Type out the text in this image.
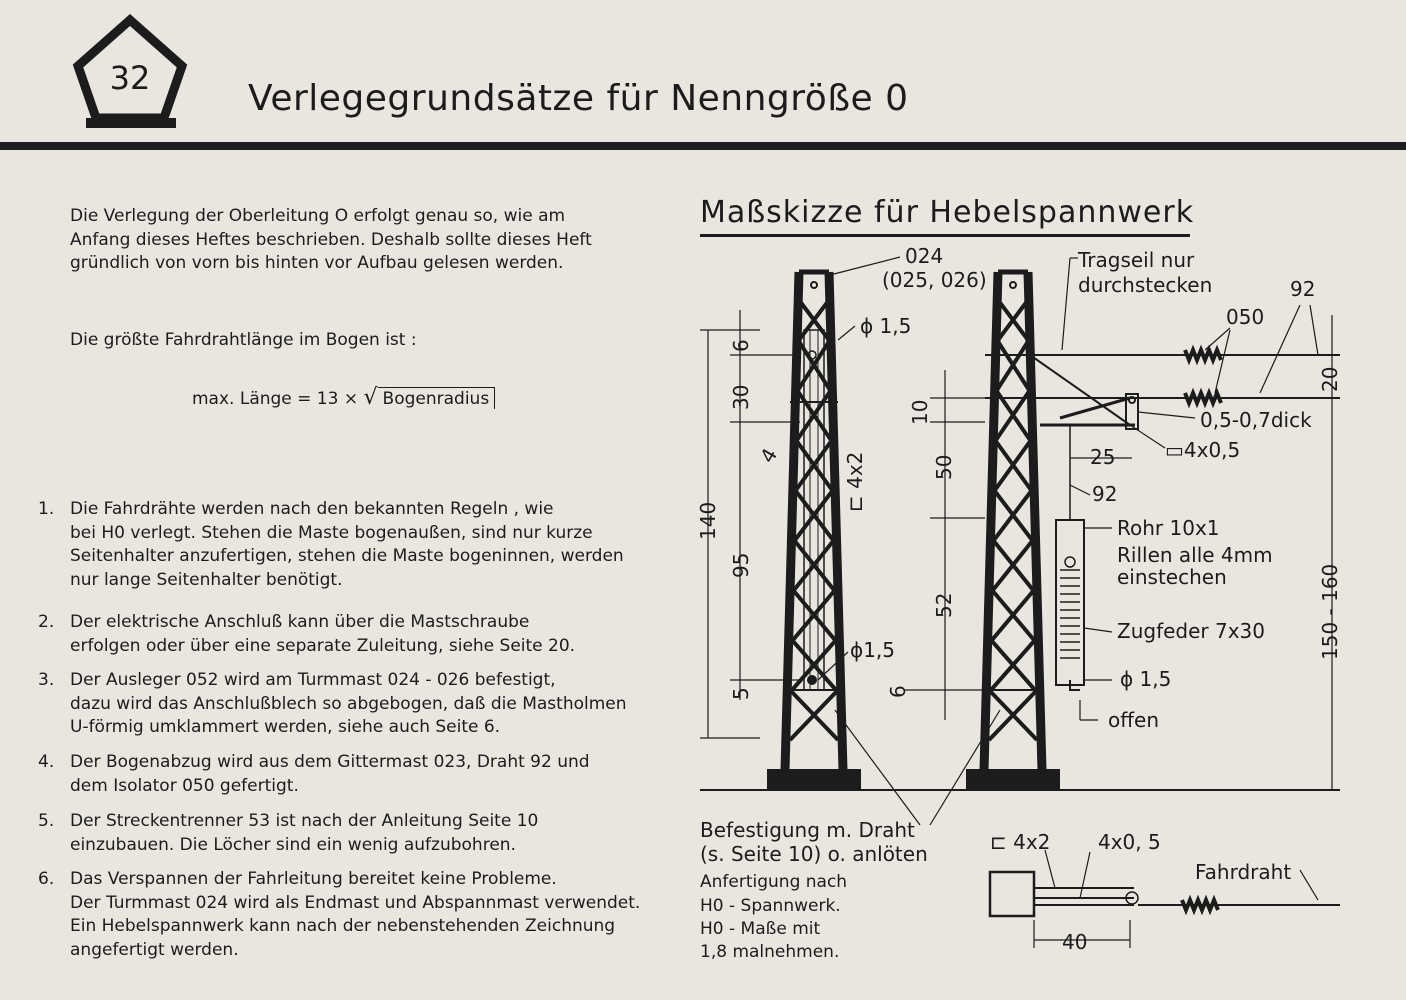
32	Verlegegrundsätze für Nenngröße 0
Die Verlegung der Oberleitung O erfolgt genau so, wie am
Anfang dieses Heftes beschrieben. Deshalb sollte dieses Heft
gründlich von vorn bis hinten vor Aufbau gelesen werden.
Die größte Fahrdrahtlänge im Bogen ist :
max. Länge = 13 × √ Bogenradius
1. Die Fahrdrähte werden nach den bekannten Regeln , wie
bei H0 verlegt. Stehen die Maste bogenaußen, sind nur kurze
Seitenhalter anzufertigen, stehen die Maste bogeninnen, werden
nur lange Seitenhalter benötigt.
2. Der elektrische Anschluß kann über die Mastschraube
erfolgen oder über eine separate Zuleitung, siehe Seite 20.
3. Der Ausleger 052 wird am Turmmast 024 - 026 befestigt,
dazu wird das Anschlußblech so abgebogen, daß die Mastholmen
U-förmig umklammert werden, siehe auch Seite 6.
4. Der Bogenabzug wird aus dem Gittermast 023, Draht 92 und
dem Isolator 050 gefertigt.
5. Der Streckentrenner 53 ist nach der Anleitung Seite 10
einzubauen. Die Löcher sind ein wenig aufzubohren.
6. Das Verspannen der Fahrleitung bereitet keine Probleme.
Der Turmmast 024 wird als Endmast und Abspannmast verwendet.
Ein Hebelspannwerk kann nach der nebenstehenden Zeichnung
angefertigt werden.
Maßskizze für Hebelspannwerk
024
(025, 026)
ϕ 1,5
ϕ1,5
⊏ 4x2
Tragseil nur
durchstecken	92
050
0,5-0,7dick
▭4x0,5
25
92
Rohr 10x1
Rillen alle 4mm
einstechen
Zugfeder 7x30
ϕ 1,5
offen
6
30
4
140
95
5
10
50
52
6
20
150 - 160
Befestigung m. Draht
(s. Seite 10) o. anlöten
Anfertigung nach
H0 - Spannwerk.
H0 - Maße mit
1,8 malnehmen.
⊏ 4x2 4x0, 5
Fahrdraht
40
